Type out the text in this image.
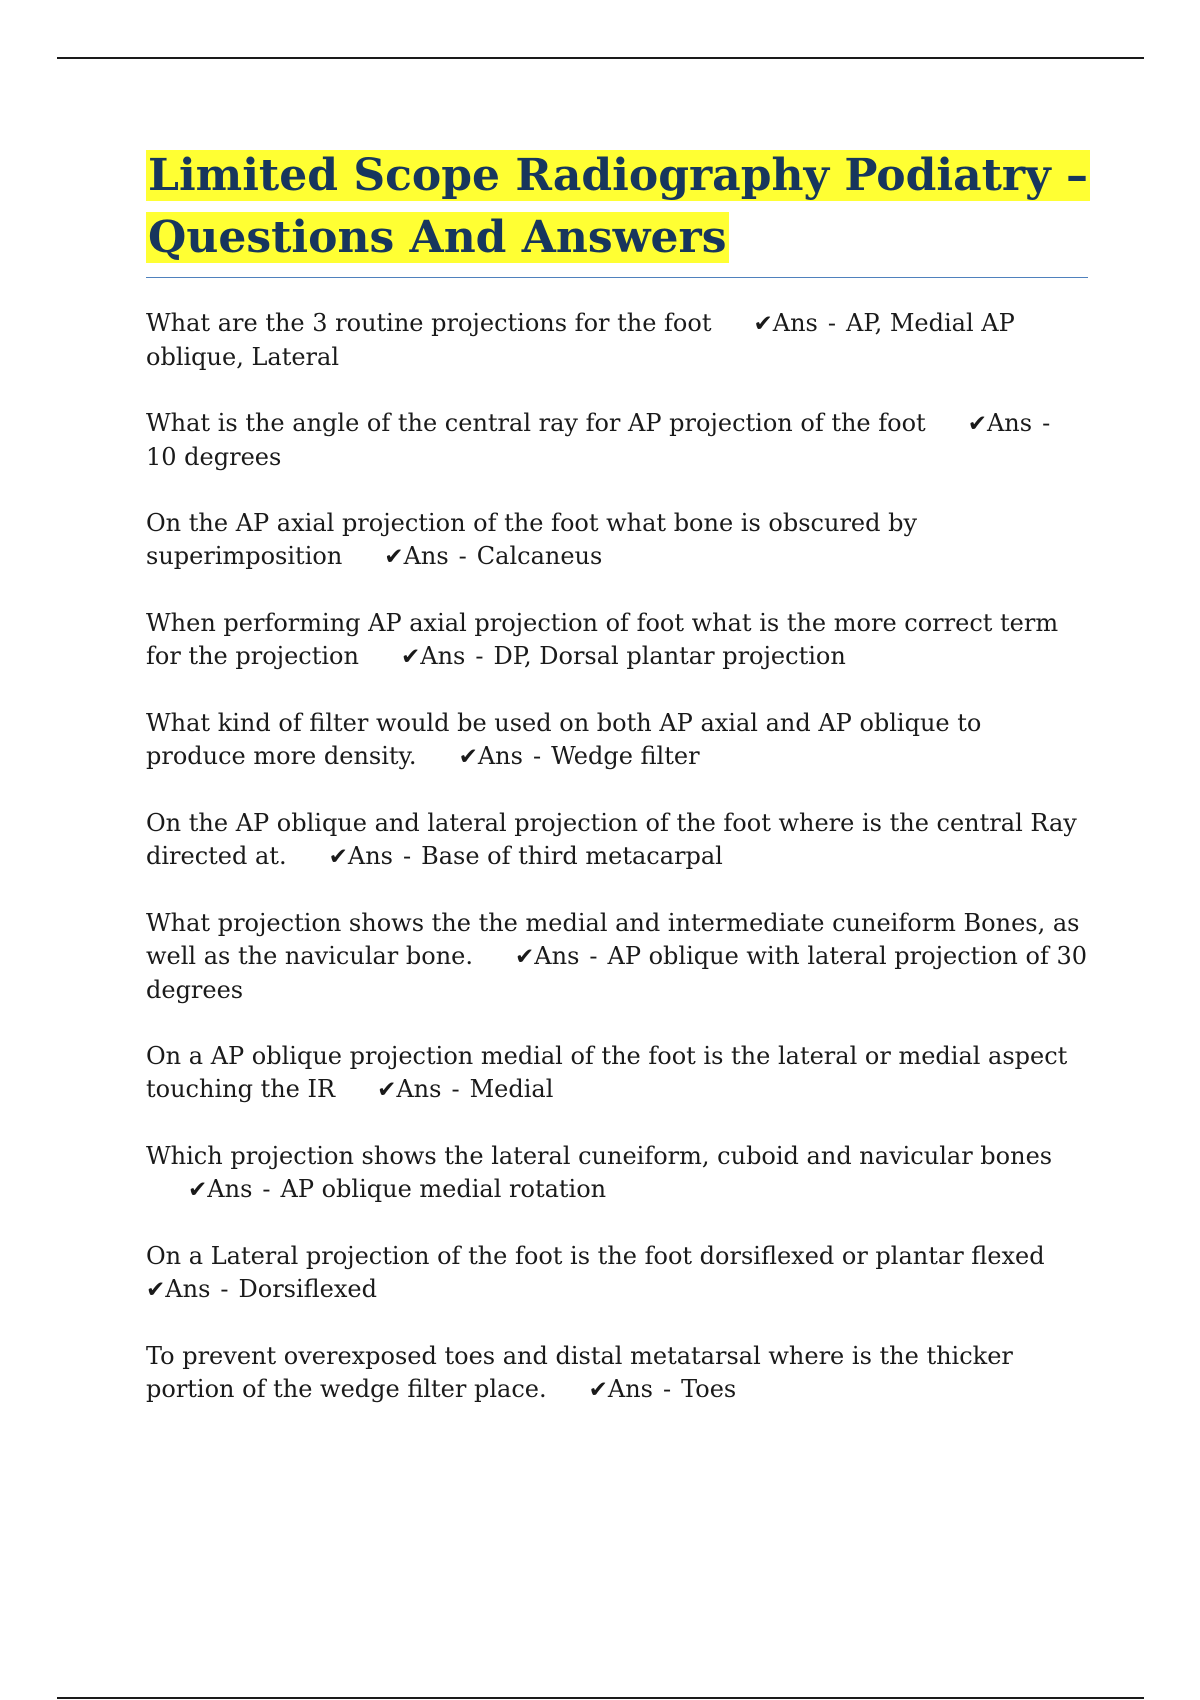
Limited Scope Radiography Podiatry – Questions And Answers

What are the 3 routine projections for the foot ✔Ans - AP, Medial AP oblique, Lateral

What is the angle of the central ray for AP projection of the foot ✔Ans -10 degrees

On the AP axial projection of the foot what bone is obscured by superimposition ✔Ans - Calcaneus

When performing AP axial projection of foot what is the more correct term for the projection ✔Ans - DP, Dorsal plantar projection

What kind of filter would be used on both AP axial and AP oblique to produce more density. ✔Ans - Wedge filter

On the AP oblique and lateral projection of the foot where is the central Ray directed at. ✔Ans - Base of third metacarpal

What projection shows the the medial and intermediate cuneiform Bones, as well as the navicular bone. ✔Ans - AP oblique with lateral projection of 30 degrees

On a AP oblique projection medial of the foot is the lateral or medial aspect touching the IR ✔Ans - Medial

Which projection shows the lateral cuneiform, cuboid and navicular bones✔Ans - AP oblique medial rotation

On a Lateral projection of the foot is the foot dorsiflexed or plantar flexed✔Ans - Dorsiflexed

To prevent overexposed toes and distal metatarsal where is the thicker portion of the wedge filter place. ✔Ans - Toes
